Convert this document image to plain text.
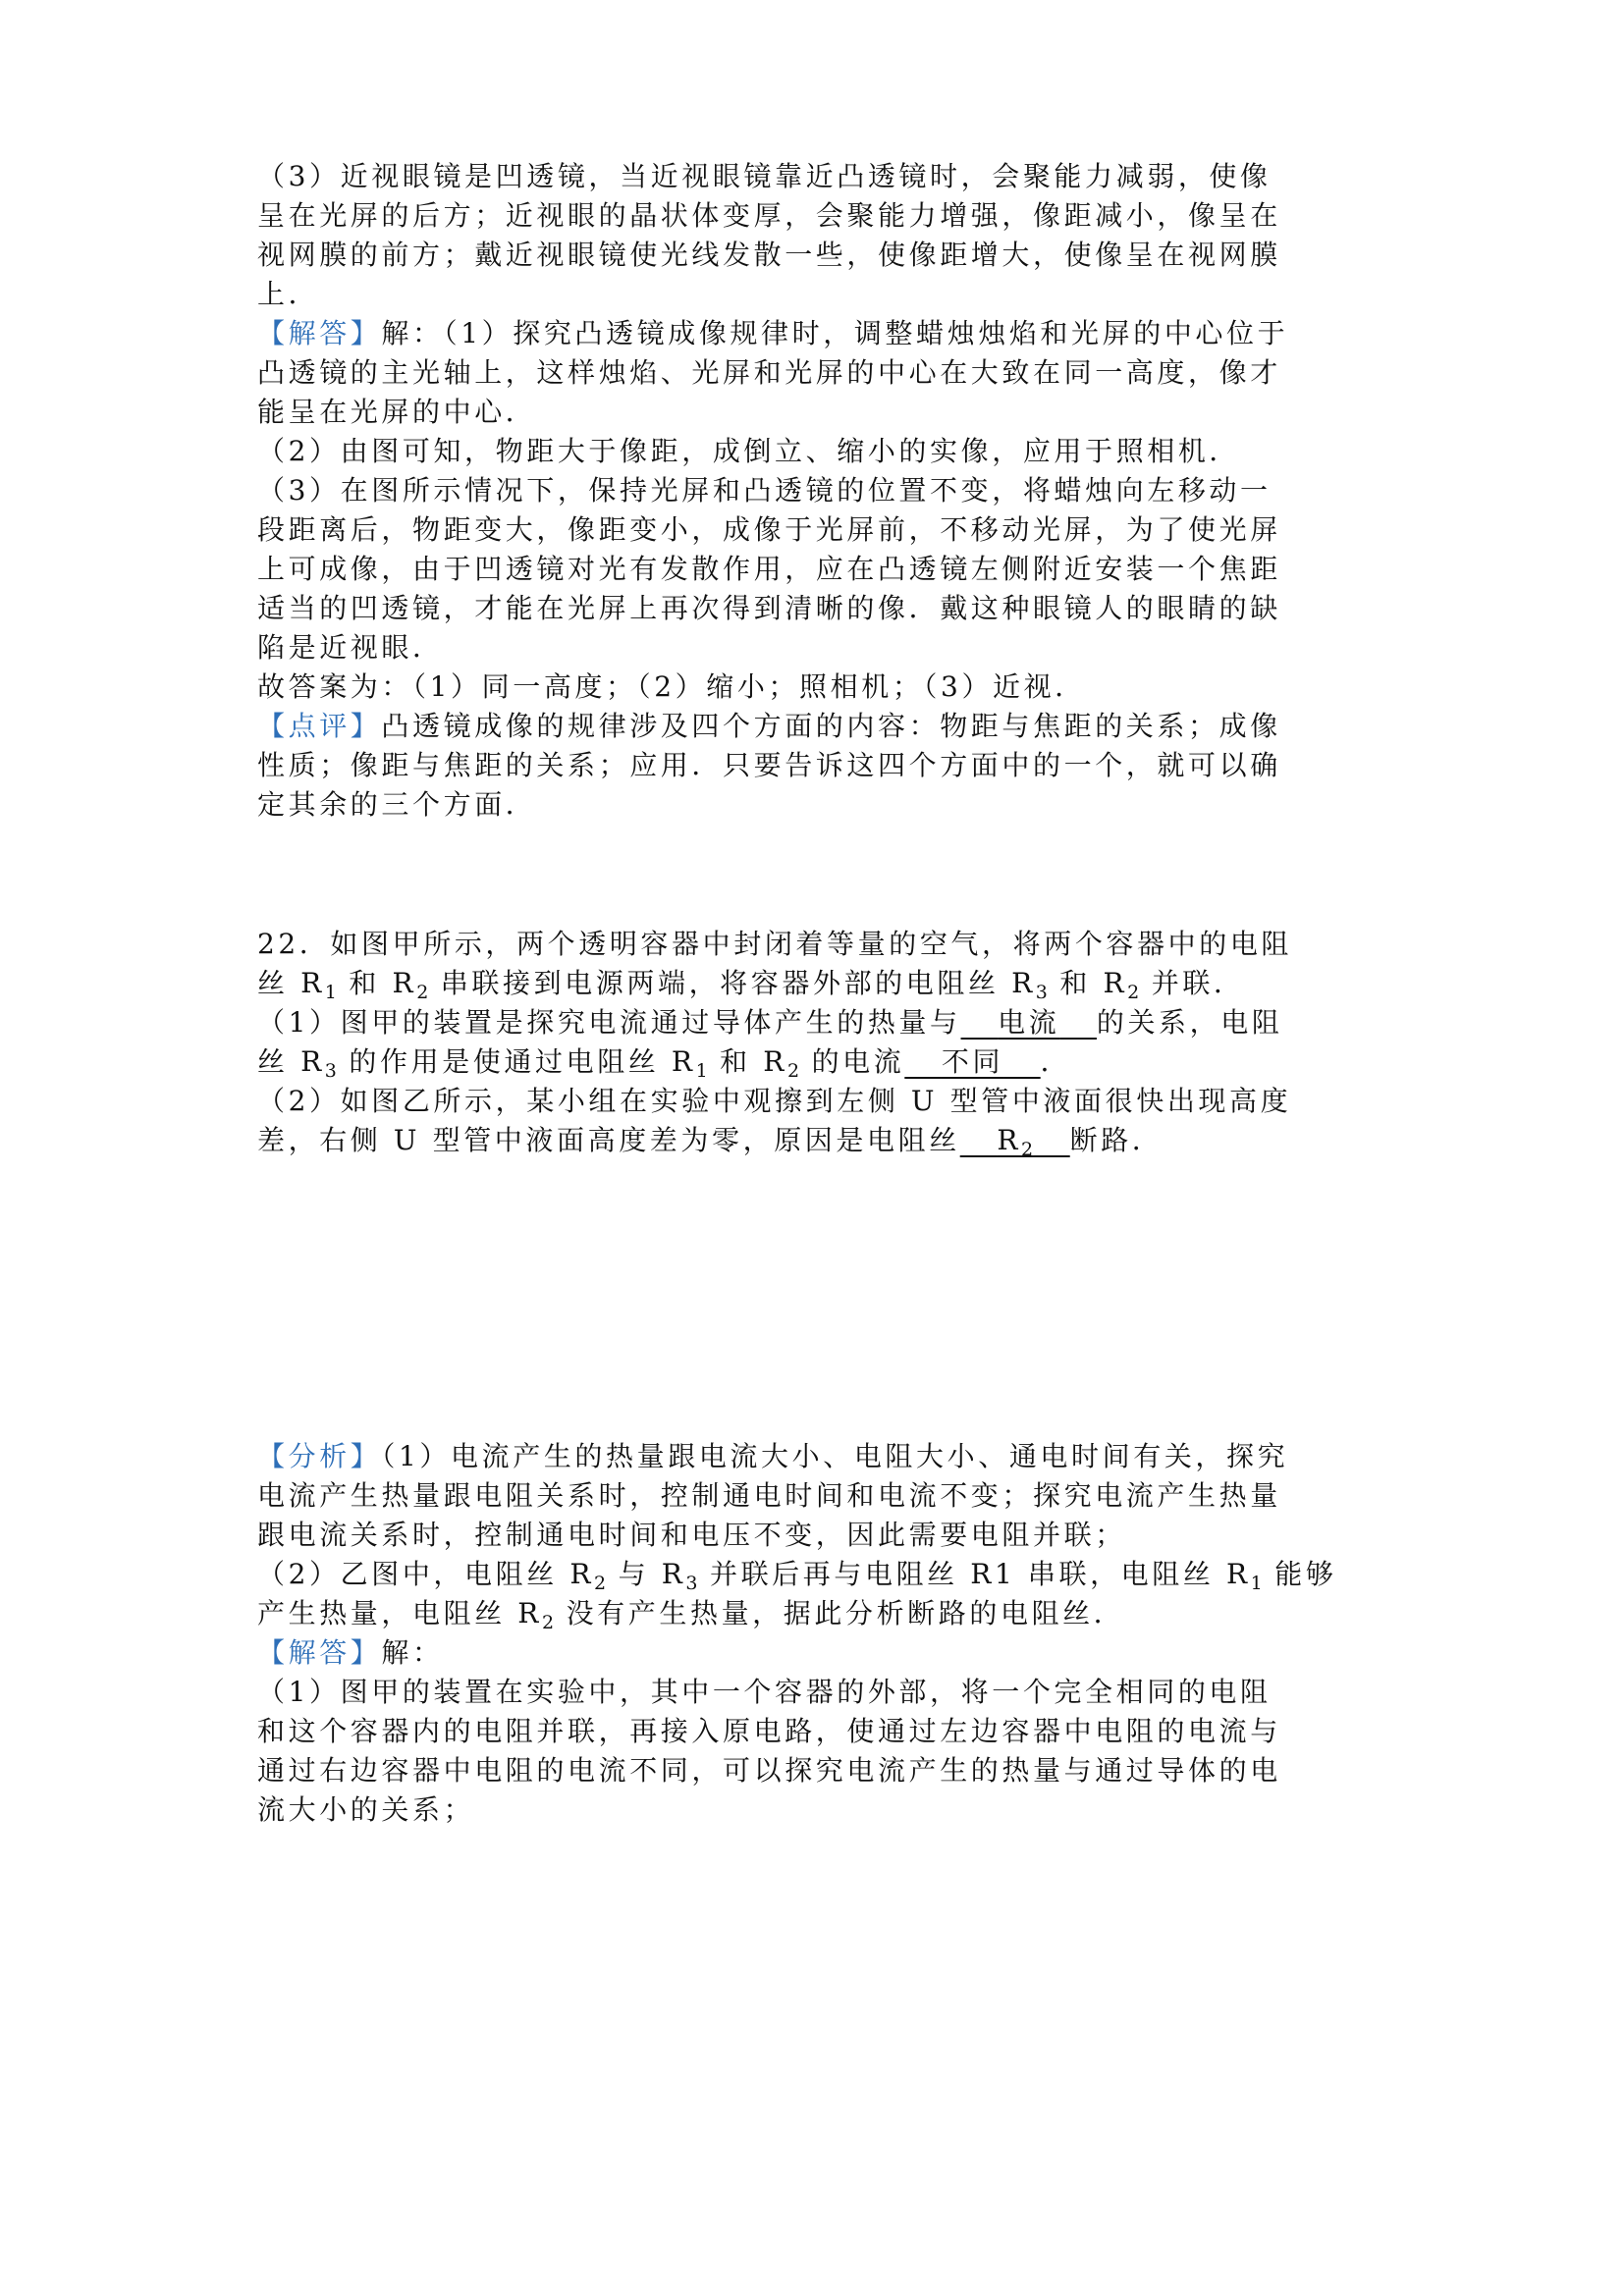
（3）近视眼镜是凹透镜，当近视眼镜靠近凸透镜时，会聚能力减弱，使像
呈在光屏的后方；近视眼的晶状体变厚，会聚能力增强，像距减小，像呈在
视网膜的前方；戴近视眼镜使光线发散一些，使像距增大，使像呈在视网膜
上．
【解答】解：（1）探究凸透镜成像规律时，调整蜡烛烛焰和光屏的中心位于
凸透镜的主光轴上，这样烛焰、光屏和光屏的中心在大致在同一高度，像才
能呈在光屏的中心．
（2）由图可知，物距大于像距，成倒立、缩小的实像，应用于照相机．
（3）在图所示情况下，保持光屏和凸透镜的位置不变，将蜡烛向左移动一
段距离后，物距变大，像距变小，成像于光屏前，不移动光屏，为了使光屏
上可成像，由于凹透镜对光有发散作用，应在凸透镜左侧附近安装一个焦距
适当的凹透镜，才能在光屏上再次得到清晰的像．戴这种眼镜人的眼睛的缺
陷是近视眼．
故答案为：（1）同一高度；（2）缩小；照相机；（3）近视．
【点评】凸透镜成像的规律涉及四个方面的内容：物距与焦距的关系；成像
性质；像距与焦距的关系；应用．只要告诉这四个方面中的一个，就可以确
定其余的三个方面．
22．如图甲所示，两个透明容器中封闭着等量的空气，将两个容器中的电阻
丝 $R_1$ 和 $R_2$ 串联接到电源两端，将容器外部的电阻丝 $R_3$ 和 $R_2$ 并联．
（1）图甲的装置是探究电流通过导体产生的热量与 电流 的关系，电阻
丝 $R_3$ 的作用是使通过电阻丝 $R_1$ 和 $R_2$ 的电流 不同 ．
（2）如图乙所示，某小组在实验中观擦到左侧 U 型管中液面很快出现高度
差，右侧 U 型管中液面高度差为零，原因是电阻丝 $R_2$ 断路．
【分析】（1）电流产生的热量跟电流大小、电阻大小、通电时间有关，探究
电流产生热量跟电阻关系时，控制通电时间和电流不变；探究电流产生热量
跟电流关系时，控制通电时间和电压不变，因此需要电阻并联；
（2）乙图中，电阻丝 $R_2$ 与 $R_3$ 并联后再与电阻丝 R1 串联，电阻丝 $R_1$ 能够
产生热量，电阻丝 $R_2$ 没有产生热量，据此分析断路的电阻丝．
【解答】解：
（1）图甲的装置在实验中，其中一个容器的外部，将一个完全相同的电阻
和这个容器内的电阻并联，再接入原电路，使通过左边容器中电阻的电流与
通过右边容器中电阻的电流不同，可以探究电流产生的热量与通过导体的电
流大小的关系；
